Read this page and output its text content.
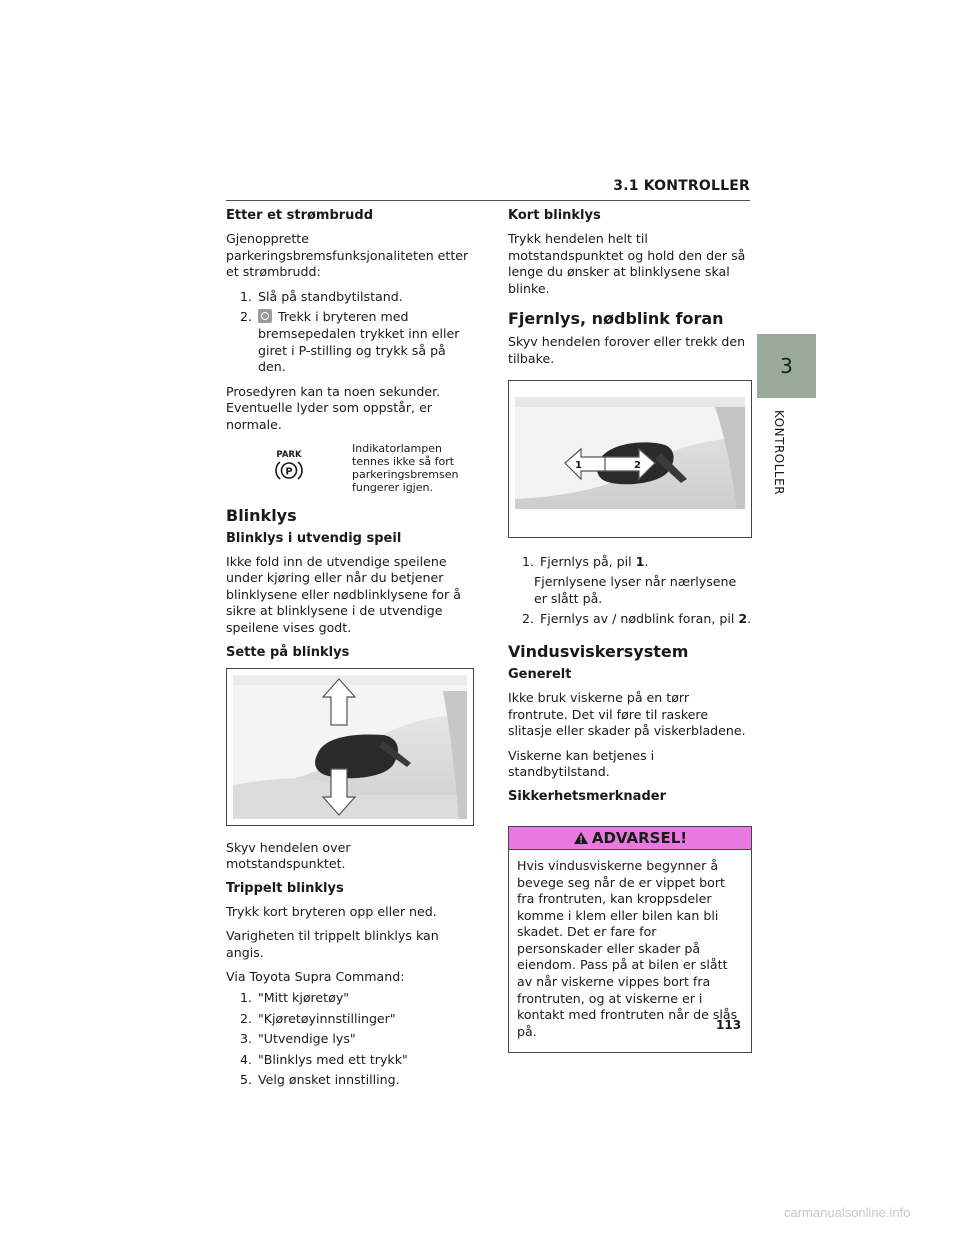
3.1 KONTROLLER
3
KONTROLLER
Etter et strømbrudd

Gjenopprette parkeringsbremsfunksjonaliteten etter et strømbrudd:

1. Slå på standbytilstand.
2.	Trekk i bryteren med bremsepedalen trykket inn eller giret i P-stilling og trykk så på den.

Prosedyren kan ta noen sekunder. Eventuelle lyder som oppstår, er normale.

PARK
P
Indikatorlampen tennes ikke så fort parkeringsbremsen fungerer igjen.
Blinklys
Blinklys i utvendig speil

Ikke fold inn de utvendige speilene under kjøring eller når du betjener blinklysene eller nødblinklysene for å sikre at blinklysene i de utvendige speilene vises godt.

Sette på blinklys

Skyv hendelen over motstandspunktet.

Trippelt blinklys

Trykk kort bryteren opp eller ned.

Varigheten til trippelt blinklys kan angis.

Via Toyota Supra Command:

1. "Mitt kjøretøy"
2. "Kjøretøyinnstillinger"
3. "Utvendige lys"
4. "Blinklys med ett trykk"
5. Velg ønsket innstilling.
Kort blinklys

Trykk hendelen helt til motstandspunktet og hold den der så lenge du ønsker at blinklysene skal blinke.

Fjernlys, nødblink foran

Skyv hendelen forover eller trekk den tilbake.

1	2
1. Fjernlys på, pil 1.
Fjernlysene lyser når nærlysene er slått på.
2. Fjernlys av / nødblink foran, pil 2.
Vindusviskersystem
Generelt

Ikke bruk viskerne på en tørr frontrute. Det vil føre til raskere slitasje eller skader på viskerbladene.

Viskerne kan betjenes i standbytilstand.

Sikkerhetsmerknader
ADVARSEL!

Hvis vindusviskerne begynner å bevege seg når de er vippet bort fra frontruten, kan kroppsdeler komme i klem eller bilen kan bli skadet. Det er fare for personskader eller skader på eiendom. Pass på at bilen er slått av når viskerne vippes bort fra frontruten, og at viskerne er i kontakt med frontruten når de slås på.	113
carmanualsonline.info
